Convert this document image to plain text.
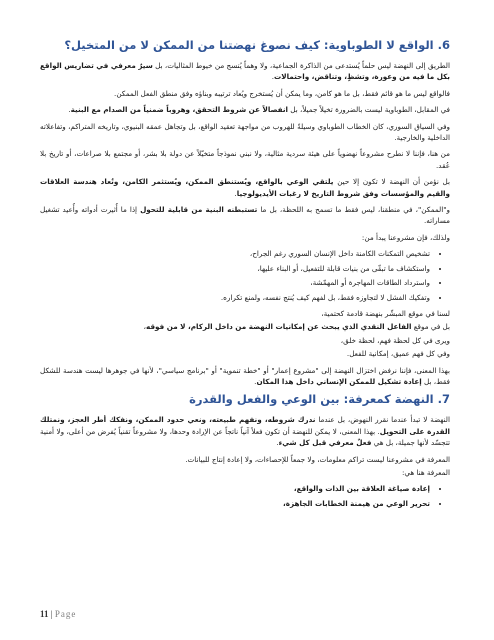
6. الواقع لا الطوباوية: كيف نصوغ نهضتنا من الممكن لا من المتخيل؟

الطريق إلى النهضة ليس حلماً يُستدعى من الذاكرة الجماعية، ولا وهماً يُنسج من خيوط المثاليات، بل سيرٌ معرفي في تضاريس الواقع بكل ما فيه من وعورة، وتشظٍ، وتناقض، واحتمالات.

فالواقع ليس ما هو قائم فقط، بل ما هو كامن، وما يمكن أن يُستخرج ويُعاد ترتيبه وبناؤه وفق منطق الفعل الممكن.

في المقابل، الطوباوية ليست بالضرورة تخيلاً جميلاً، بل انفصالاً عن شروط التحقق، وهروباً ضمنياً من الصدام مع البنية.

وفي السياق السوري، كان الخطاب الطوباوي وسيلةً للهروب من مواجهة تعقيد الواقع، بل وتجاهل عمقه البنيوي، وتاريخه المتراكم، وتفاعلاته الداخلية والخارجية.

من هنا، فإننا لا نطرح مشروعاً نهضوياً على هيئة سردية مثالية، ولا نبني نموذجاً متخيّلاً عن دولة بلا بشر، أو مجتمع بلا صراعات، أو تاريخ بلا عُقد.

بل نؤمن أن النهضة لا تكون إلا حين يلتقي الوعي بالواقع، ويُستنطق الممكن، ويُستثمر الكامن، وتُعاد هندسة العلاقات والقيم والمؤسسات وفق شروط التاريخ لا رغبات الأيديولوجيا.

و"الممكن"، في منطقنا، ليس فقط ما تسمح به اللحظة، بل ما تستبطنه البنية من قابلية للتحول إذا ما أُثيرت أدواته وأُعيد تشغيل مساراته.

ولذلك، فإن مشروعنا يبدأ من:

• تشخيص التمكنات الكامنة داخل الإنسان السوري رغم الجراح،
• واستكشاف ما تبقّى من بنيات قابلة للتفعيل، أو البناء عليها،
• واسترداد الطاقات المهاجرة أو المهمّشة،
• وتفكيك الفشل لا لتجاوزه فقط، بل لفهم كيف يُنتج نفسه، ولمنع تكراره.

لسنا في موقع المبشّر بنهضة قادمة كحتمية،

بل في موقع الفاعل النقدي الذي يبحث عن إمكانيات النهضة من داخل الركام، لا من فوقه،

ويرى في كل لحظة فهم، لحظة خلق،

وفي كل فهم عميق، إمكانية للفعل.

بهذا المعنى، فإننا نرفض اختزال النهضة إلى "مشروع إعمار" أو "خطة تنموية" أو "برنامج سياسي"، لأنها في جوهرها ليست هندسة للشكل فقط، بل إعادة تشكيل للممكن الإنساني داخل هذا المكان.

7. النهضة كمعرفة: بين الوعي والفعل والقدرة

النهضة لا تبدأ عندما نقرر النهوض، بل عندما ندرك شروطه، ونفهم طبيعته، ونعي حدود الممكن، ونفكك أطر العجز، ونمتلك القدرة على التحويل. بهذا المعنى، لا يمكن للنهضة أن تكون فعلاً آنياً ناتجاً عن الإرادة وحدها، ولا مشروعاً تقنياً يُفرض من أعلى، ولا أمنية تتجسّد لأنها جميلة، بل هي فعلٌ معرفي قبل كل شيء.

المعرفة في مشروعنا ليست تراكم معلومات، ولا جمعاً للإحصاءات، ولا إعادة إنتاج للبيانات.

المعرفة هنا هي:

• إعادة صياغة العلاقة بين الذات والواقع،
• تحرير الوعي من هيمنة الخطابات الجاهزة،
11 | Page
